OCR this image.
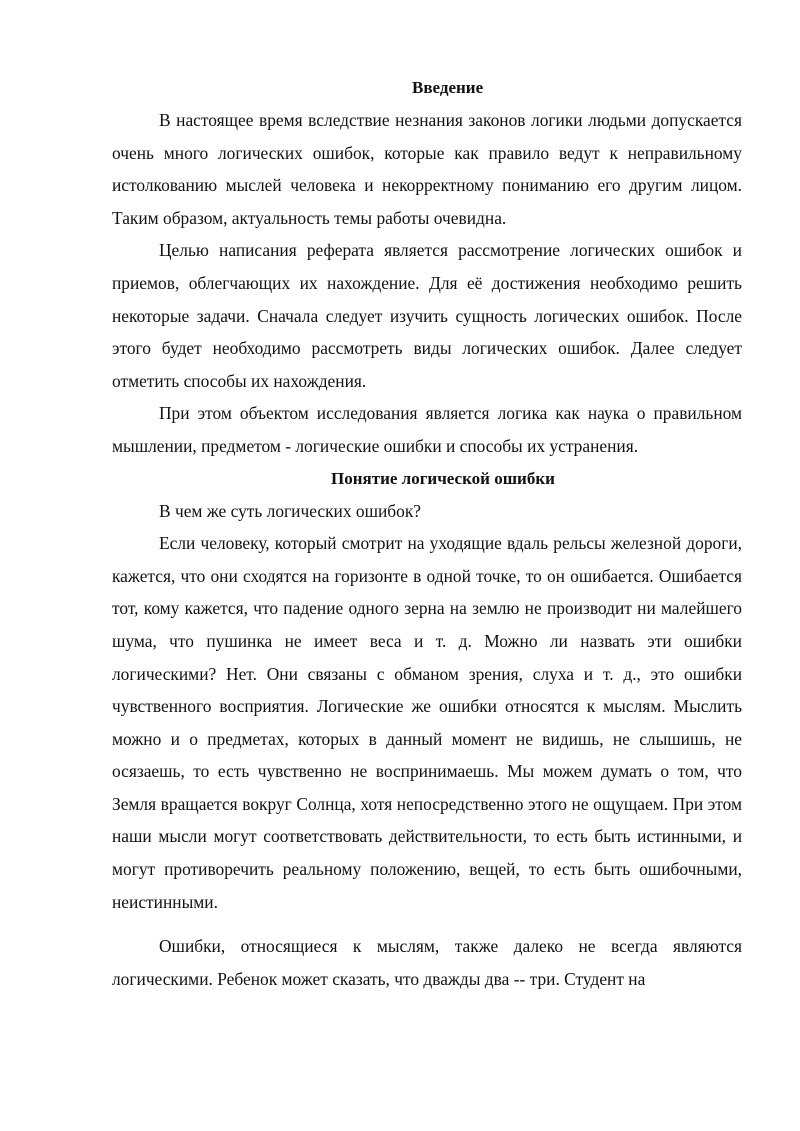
Введение

В настоящее время вследствие незнания законов логики людьми допускается очень много логических ошибок, которые как правило ведут к неправильному истолкованию мыслей человека и некорректному пониманию его другим лицом. Таким образом, актуальность темы работы очевидна.

Целью написания реферата является рассмотрение логических ошибок и приемов, облегчающих их нахождение. Для её достижения необходимо решить некоторые задачи. Сначала следует изучить сущность логических ошибок. После этого будет необходимо рассмотреть виды логических ошибок. Далее следует отметить способы их нахождения.

При этом объектом исследования является логика как наука о правильном мышлении, предметом - логические ошибки и способы их устранения.

Понятие логической ошибки

В чем же суть логических ошибок?

Если человеку, который смотрит на уходящие вдаль рельсы железной дороги, кажется, что они сходятся на горизонте в одной точке, то он ошибается. Ошибается тот, кому кажется, что падение одного зерна на землю не производит ни малейшего шума, что пушинка не имеет веса и т. д. Можно ли назвать эти ошибки логическими? Нет. Они связаны с обманом зрения, слуха и т. д., это ошибки чувственного восприятия. Логические же ошибки относятся к мыслям. Мыслить можно и о предметах, которых в данный момент не видишь, не слышишь, не осязаешь, то есть чувственно не воспринимаешь. Мы можем думать о том, что Земля вращается вокруг Солнца, хотя непосредственно этого не ощущаем. При этом наши мысли могут соответствовать действительности, то есть быть истинными, и могут противоречить реальному положению, вещей, то есть быть ошибочными, неистинными.

Ошибки, относящиеся к мыслям, также далеко не всегда являются логическими. Ребенок может сказать, что дважды два -- три. Студент на
